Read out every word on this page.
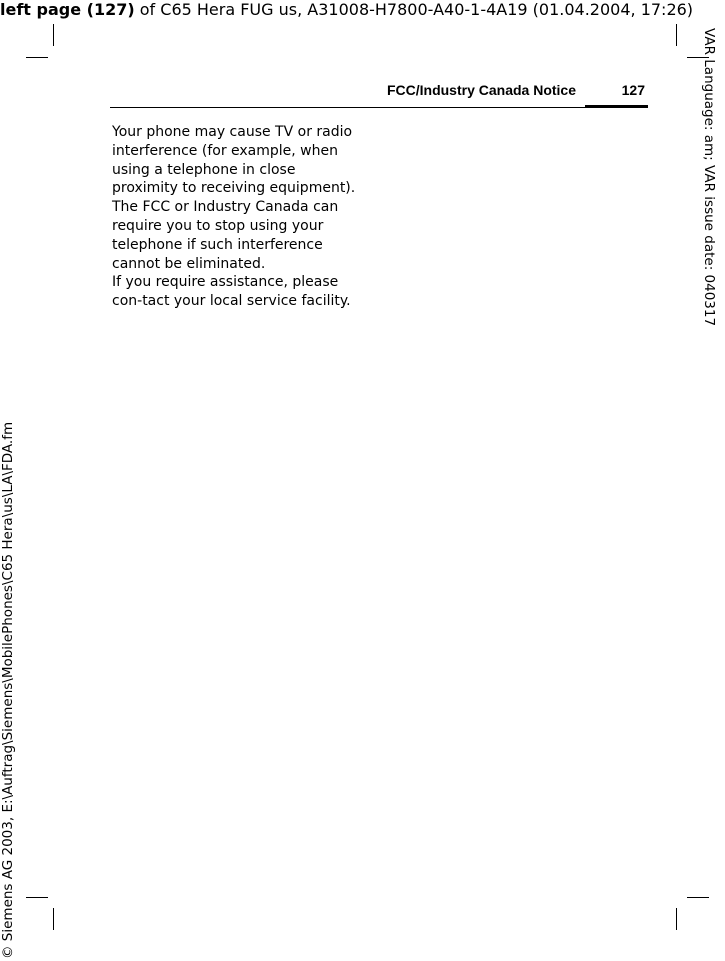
left page (127) of C65 Hera FUG us, A31008-H7800-A40-1-4A19 (01.04.2004, 17:26)
FCC/Industry Canada Notice	127

Your phone may cause TV or radio interference (for example, when using a telephone in close proximity to receiving equipment). The FCC or Industry Canada can require you to stop using your telephone if such interference cannot be eliminated.

If you require assistance, please con-tact your local service facility.	VAR Language: am; VAR issue date: 040317
© Siemens AG 2003, E:\Auftrag\Siemens\MobilePhones\C65 Hera\us\LA\FDA.fm
